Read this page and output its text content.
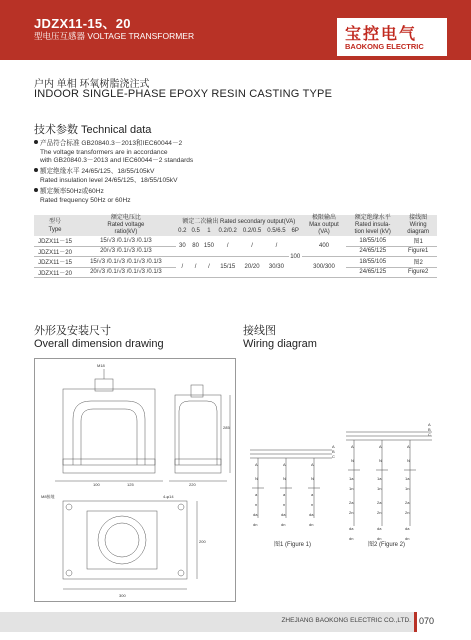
JDZX11-15、20
型电压互感器 VOLTAGE TRANSFORMER	宝控电气
BAOKONG ELECTRIC
户内 单相 环氧树脂浇注式
INDOOR SINGLE-PHASE EPOXY RESIN CASTING TYPE
技术参数 Technical data
产品符合标准 GB20840.3－2013和IEC60044－2
The voltage transformers are in accordance
with GB20840.3－2013 and IEC60044－2 standards
额定绝缘水平 24/65/125、18/55/105kV
Rated insulation level 24/65/125、18/55/105kV
额定频率50Hz或60Hz
Rated frequency 50Hz or 60Hz
型号
Type	额定电压比
Rated voltage
ratio(kV)	额定二次输出 Rated secondary output(VA)							极限输出
Max output
(VA)	额定绝缘水平
Rated insula-
tion level (kV)	接线图
Wiring
diagram
		0.2	0.5	1	0.2/0.2	0.2/0.5	0.5/6.5	6P			
JDZX11－15	15/√3 /0.1/√3 /0.1/3	30	80	150	/	/	/	100	400	18/55/105	图1
JDZX11－20	20/√3 /0.1/√3 /0.1/3									24/65/125	Figure1
JDZX11－15	15/√3 /0.1/√3 /0.1/√3 /0.1/3	/	/	/	15/15	20/20	30/30		300/300	18/55/105	图2
JDZX11－20	20/√3 /0.1/√3 /0.1/√3 /0.1/3									24/65/125	Figure2
外形及安装尺寸
Overall dimension drawing
接线图
Wiring diagram
M18
100	125	220
300
4-φ14
M8接地
200
285
A	A	A
N	N	N
a	a	a
n	n	n
da	da	da
dn	dn	dn
A
B
C
A	A	A
N	N	N
1a	1a	1a
1n	1n	1n
2a	2a	2a
2n	2n	2n
da	da	da
dn	dn	dn
A
B
C
图1 (Figure 1)	图2 (Figure 2)
ZHEJIANG BAOKONG ELECTRIC CO.,LTD. 070
